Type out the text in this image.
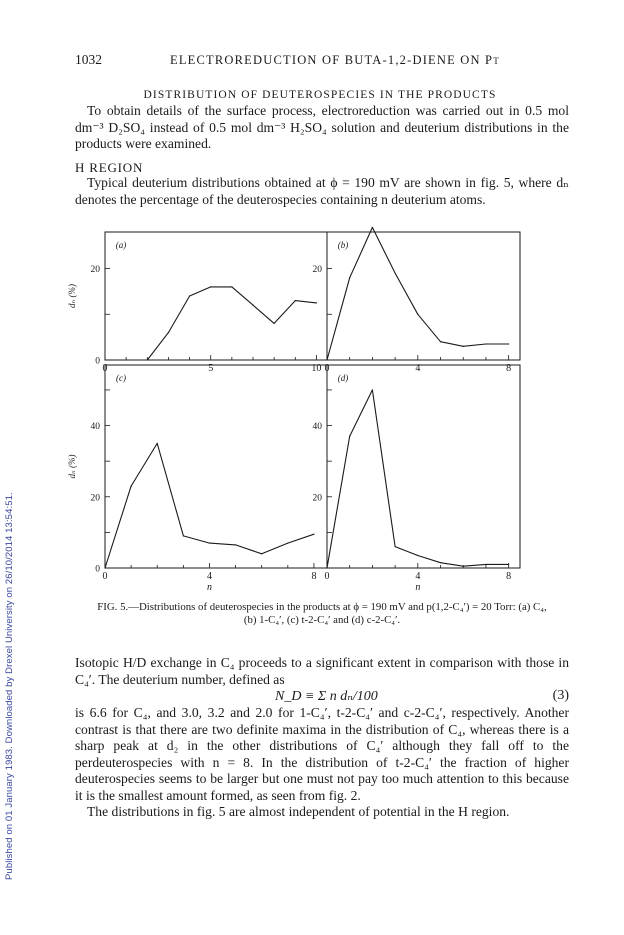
Published on 01 January 1983. Downloaded by Drexel University on 26/10/2014 13:54:51.
1032	ELECTROREDUCTION OF BUTA-1,2-DIENE ON Pt
DISTRIBUTION OF DEUTEROSPECIES IN THE PRODUCTS

To obtain details of the surface process, electroreduction was carried out in 0.5 mol dm⁻³ D₂SO₄ instead of 0.5 mol dm⁻³ H₂SO₄ solution and deuterium distributions in the products were examined.

H REGION

Typical deuterium distributions obtained at ϕ = 190 mV are shown in fig. 5, where dₙ denotes the percentage of the deuterospecies containing n deuterium atoms.

0	5	10
0
20
(a)
dₙ (%)
0	4	8
20
(b)
0	4	8
0
20
40
(c)
dₙ (%)
n
0	4	8
20
40
(d)
n
FIG. 5.—Distributions of deuterospecies in the products at ϕ = 190 mV and p(1,2-C₄′) = 20 Torr: (a) C₄,
(b) 1-C₄′, (c) t-2-C₄′ and (d) c-2-C₄′.

Isotopic H/D exchange in C₄ proceeds to a significant extent in comparison with those in C₄′. The deuterium number, defined as

N_D ≡ Σ n dₙ/100	(3)

is 6.6 for C₄, and 3.0, 3.2 and 2.0 for 1-C₄′, t-2-C₄′ and c-2-C₄′, respectively. Another contrast is that there are two definite maxima in the distribution of C₄, whereas there is a sharp peak at d₂ in the other distributions of C₄′ although they fall off to the perdeuterospecies with n = 8. In the distribution of t-2-C₄′ the fraction of higher deuterospecies seems to be larger but one must not pay too much attention to this because it is the smallest amount formed, as seen from fig. 2.

The distributions in fig. 5 are almost independent of potential in the H region.
